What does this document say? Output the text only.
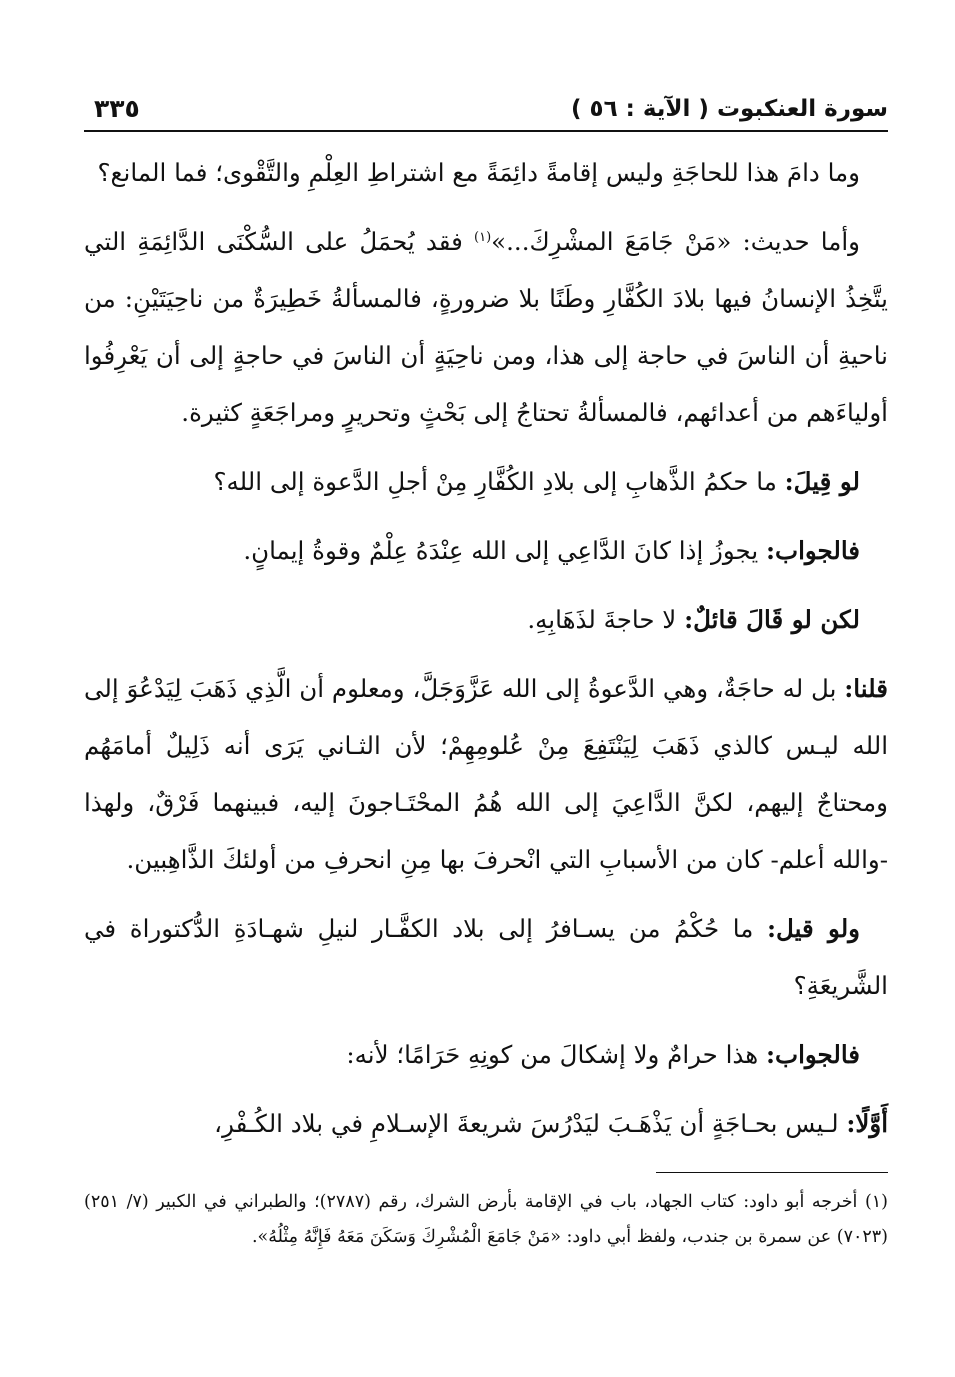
سورة العنكبوت ( الآية : ٥٦ )
٣٣٥

وما دامَ هذا للحاجَةِ وليس إقامةً دائِمَةً مع اشتراطِ العِلْمِ والتَّقْوى؛ فما المانع؟

وأما حديث: «مَنْ جَامَعَ المشْرِكَ...»$^{(١)}$ فقد يُحمَلُ على السُّكْنَى الدَّائِمَةِ التي يتَّخِذُ الإنسانُ فيها بلادَ الكُفَّارِ وطَنًا بلا ضرورةٍ، فالمسألةُ خَطِيرَةٌ من ناحِيَتَيْنِ: من ناحيةِ أن الناسَ في حاجة إلى هذا، ومن ناحِيَةٍ أن الناسَ في حاجةٍ إلى أن يَعْرِفُوا أولياءَهم من أعدائهم، فالمسألةُ تحتاجُ إلى بَحْثٍ وتحريرٍ ومراجَعَةٍ كثيرة.

لو قِيلَ: ما حكمُ الذَّهابِ إلى بلادِ الكُفَّارِ مِنْ أجلِ الدَّعوة إلى الله؟

فالجواب: يجوزُ إذا كانَ الدَّاعِي إلى الله عِنْدَهُ عِلْمٌ وقوةُ إيمانٍ.

لكن لو قَالَ قائلٌ: لا حاجةَ لذَهَابِهِ.

قلنا: بل له حاجَةٌ، وهي الدَّعوةُ إلى الله عَزَّوَجَلَّ، ومعلوم أن الَّذِي ذَهَبَ لِيَدْعُوَ إلى الله ليـس كالذي ذَهَبَ لِيَنْتَفِعَ مِنْ عُلومِهِمْ؛ لأن الثـاني يَرَى أنه ذَلِيلٌ أمامَهُم ومحتاجٌ إليهم، لكنَّ الدَّاعِيَ إلى الله هُمُ المحْتَـاجونَ إليه، فبينهما فَرْقٌ، ولهذا -والله أعلم- كان من الأسبابِ التي انْحرفَ بها مِنِ انحرفِ من أولئكَ الذَّاهِبين.

ولو قيل: ما حُكْمُ من يسـافرُ إلى بلاد الكفَّـار لنيلِ شهـادَةِ الدُّكتوراة في الشَّريعَةِ؟

فالجواب: هذا حرامٌ ولا إشكالَ من كونِهِ حَرَامًا؛ لأنه:

أَوَّلًا: لـيس بحـاجَةٍ أن يَذْهَـبَ ليَدْرُسَ شريعةَ الإسـلامِ في بلاد الكُـفْرِ،

(١) أخرجه أبو داود: كتاب الجهاد، باب في الإقامة بأرض الشرك، رقم (٢٧٨٧)؛ والطبراني في الكبير (٧/ ٢٥١) (٧٠٢٣) عن سمرة بن جندب، ولفظ أبي داود: «مَنْ جَامَعَ الْمُشْرِكَ وَسَكَنَ مَعَهُ فَإِنَّهُ مِثْلُهُ».
